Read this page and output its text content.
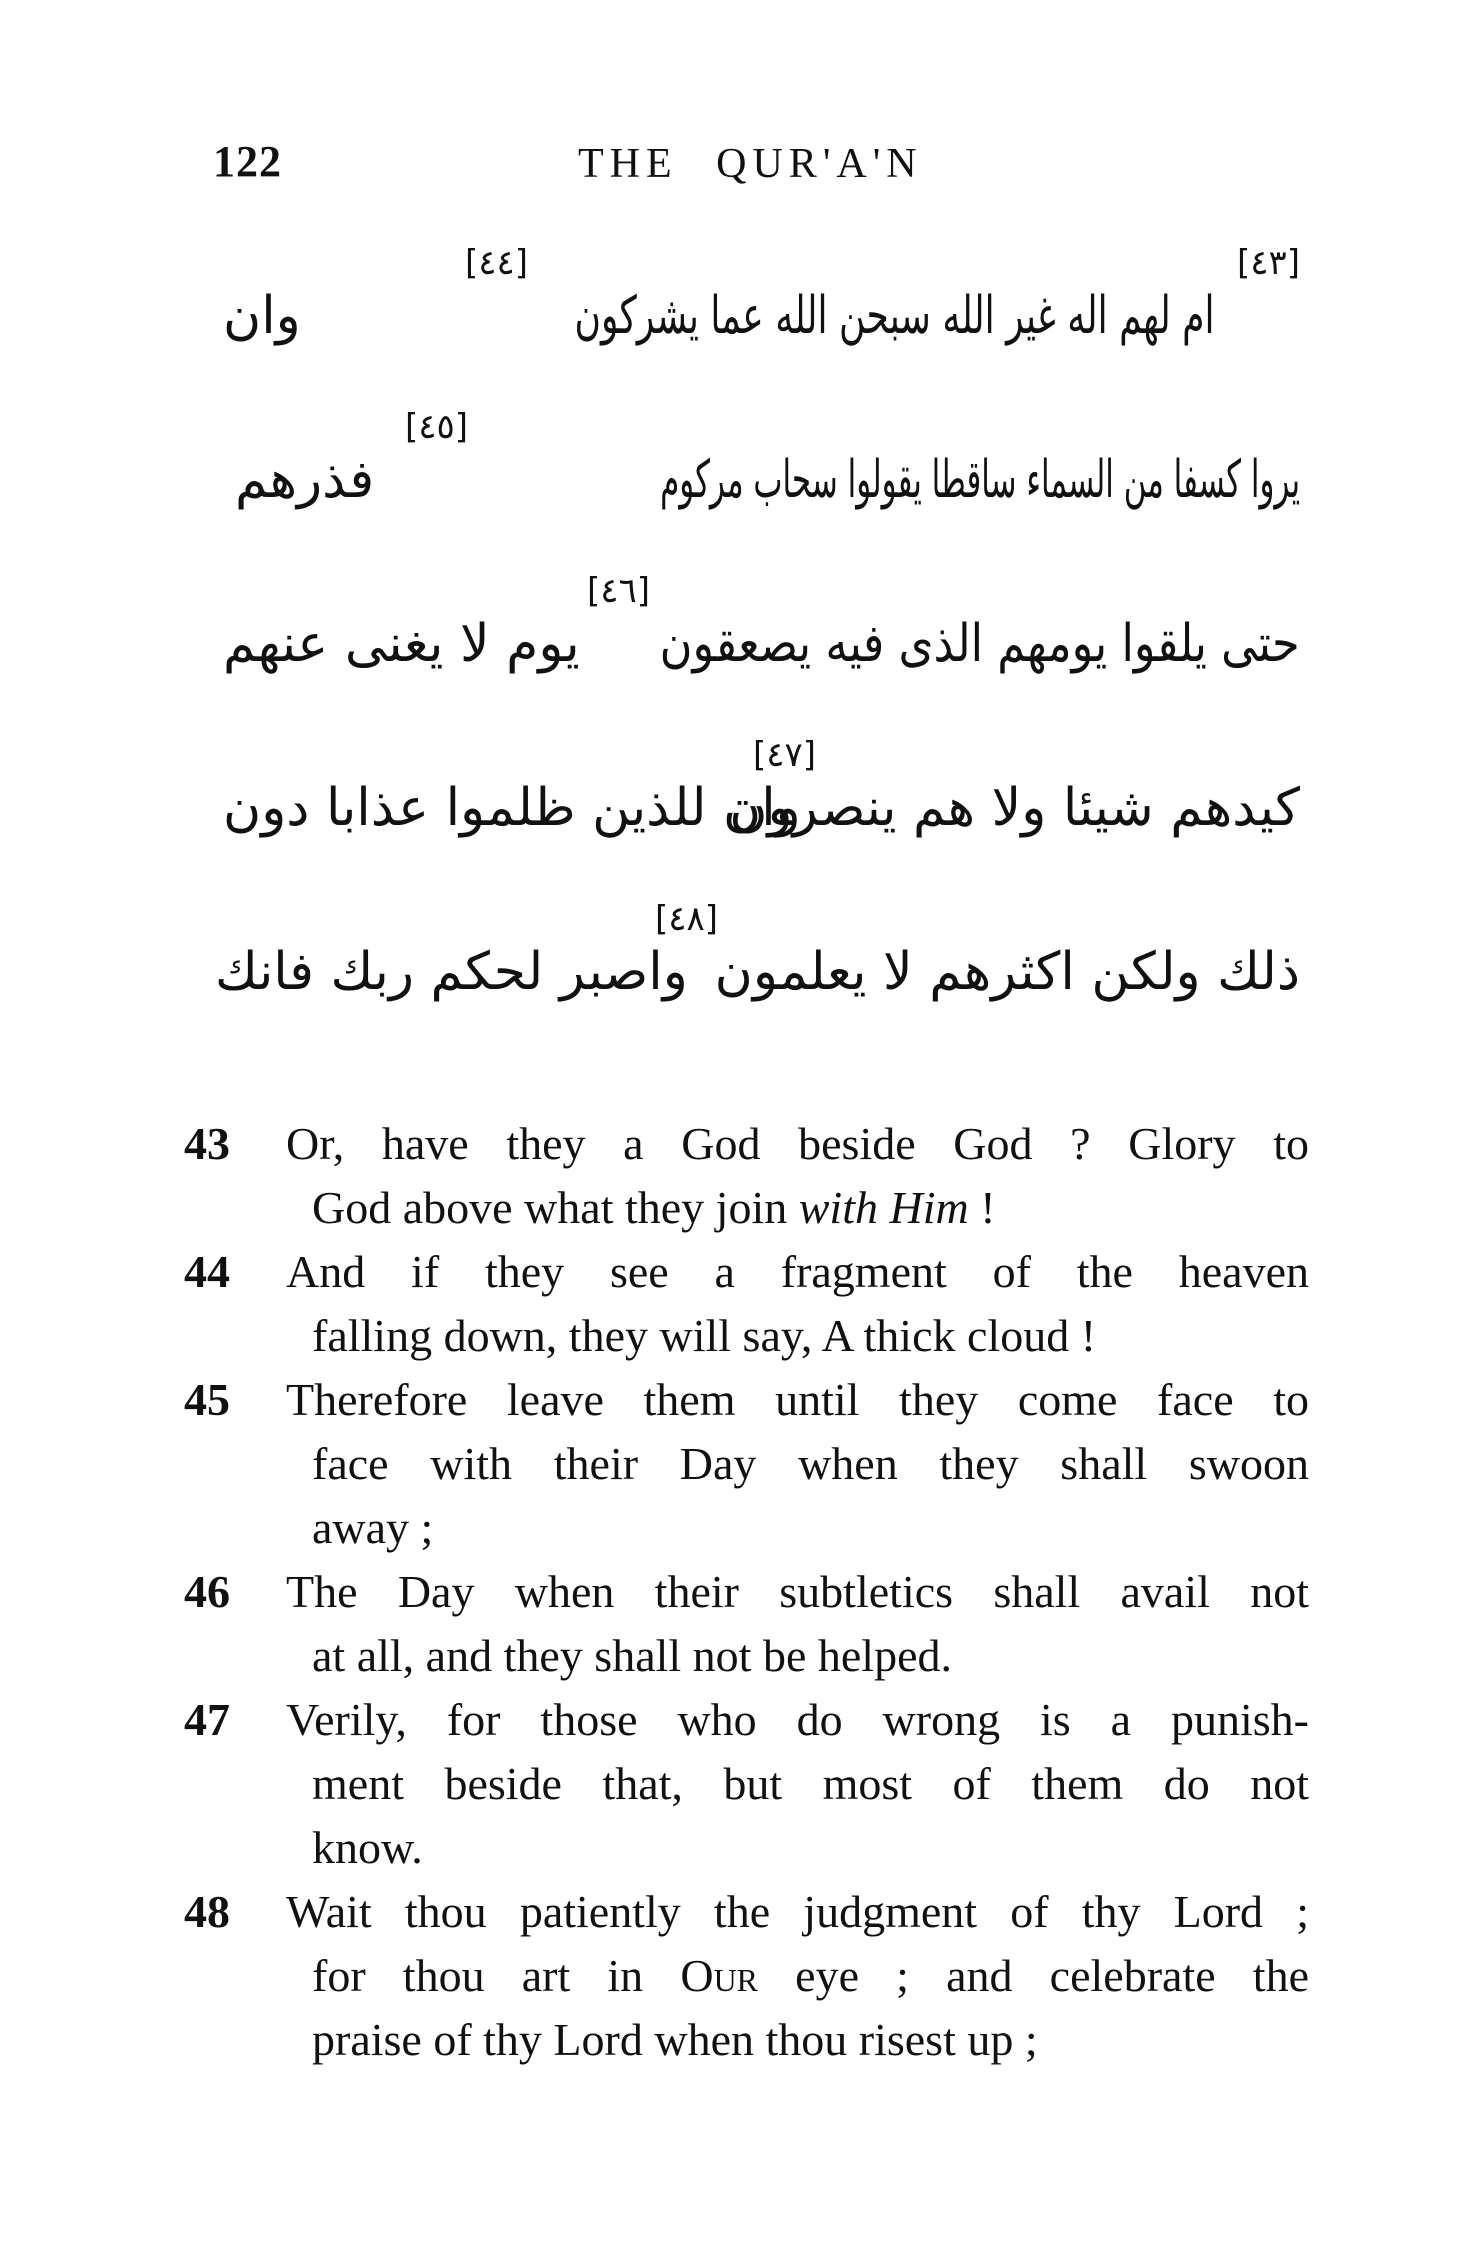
122	THE QUR'A'N
[٤٣]
ام لهم اله غير الله سبحن الله عما يشركون
[٤٤]
وان
يروا كسفا من السماء ساقطا يقولوا سحاب مركوم
[٤٥]
فذرهم
حتى يلقوا يومهم الذى فيه يصعقون
[٤٦]
يوم لا يغنى عنهم
كيدهم شيئا ولا هم ينصرون
[٤٧]
وان للذين ظلموا عذابا دون
ذلك ولكن اكثرهم لا يعلمون
[٤٨]
واصبر لحكم ربك فانك
43 Or, have they a God beside God ? Glory to
God above what they join with Him !
44 And if they see a fragment of the heaven
falling down, they will say, A thick cloud !
45 Therefore leave them until they come face to
face with their Day when they shall swoon
away ;
46 The Day when their subtletics shall avail not
at all, and they shall not be helped.
47 Verily, for those who do wrong is a punish-
ment beside that, but most of them do not
know.
48 Wait thou patiently the judgment of thy Lord ;
for thou art in Our eye ; and celebrate the
praise of thy Lord when thou risest up ;
